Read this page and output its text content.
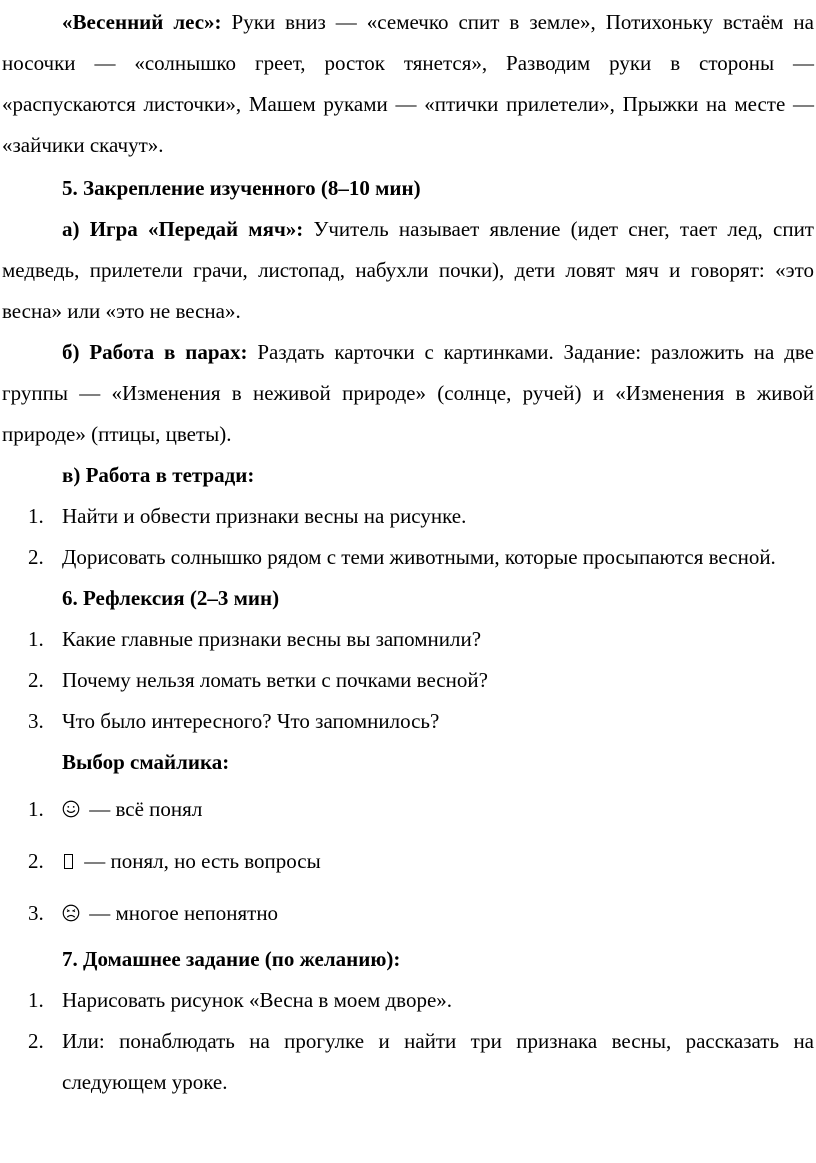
«Весенний лес»: Руки вниз — «семечко спит в земле», Потихоньку встаём на носочки — «солнышко греет, росток тянется», Разводим руки в стороны — «распускаются листочки», Машем руками — «птички прилетели», Прыжки на месте — «зайчики скачут».

5. Закрепление изученного (8–10 мин)

а) Игра «Передай мяч»: Учитель называет явление (идет снег, тает лед, спит медведь, прилетели грачи, листопад, набухли почки), дети ловят мяч и говорят: «это весна» или «это не весна».

б) Работа в парах: Раздать карточки с картинками. Задание: разложить на две группы — «Изменения в неживой природе» (солнце, ручей) и «Изменения в живой природе» (птицы, цветы).

в) Работа в тетради:

1. Найти и обвести признаки весны на рисунке.
2. Дорисовать солнышко рядом с теми животными, которые просыпаются весной.

6. Рефлексия (2–3 мин)

1. Какие главные признаки весны вы запомнили?
2. Почему нельзя ломать ветки с почками весной?
3. Что было интересного? Что запомнилось?

Выбор смайлика:

1. — всё понял
2. — понял, но есть вопросы
3. — многое непонятно

7. Домашнее задание (по желанию):

1. Нарисовать рисунок «Весна в моем дворе».
2. Или: понаблюдать на прогулке и найти три признака весны, рассказать на следующем уроке.
